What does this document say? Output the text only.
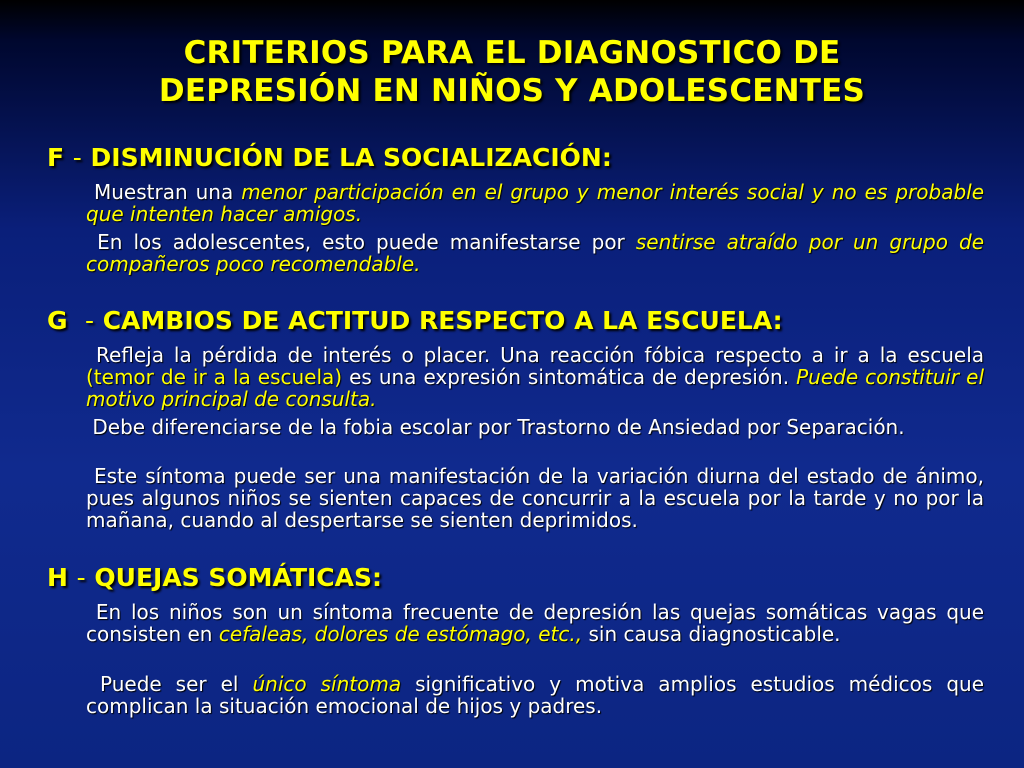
CRITERIOS PARA EL DIAGNOSTICO DE
DEPRESIÓN EN NIÑOS Y ADOLESCENTES
F - DISMINUCIÓN DE LA SOCIALIZACIÓN:
Muestran una menor participación en el grupo y menor interés social y no es probable que intenten hacer amigos.
En los adolescentes, esto puede manifestarse por sentirse atraído por un grupo de compañeros poco recomendable.
G - CAMBIOS DE ACTITUD RESPECTO A LA ESCUELA:
Refleja la pérdida de interés o placer. Una reacción fóbica respecto a ir a la escuela (temor de ir a la escuela) es una expresión sintomática de depresión. Puede constituir el motivo principal de consulta.
Debe diferenciarse de la fobia escolar por Trastorno de Ansiedad por Separación.
Este síntoma puede ser una manifestación de la variación diurna del estado de ánimo, pues algunos niños se sienten capaces de concurrir a la escuela por la tarde y no por la mañana, cuando al despertarse se sienten deprimidos.
H - QUEJAS SOMÁTICAS:
En los niños son un síntoma frecuente de depresión las quejas somáticas vagas que consisten en cefaleas, dolores de estómago, etc., sin causa diagnosticable.
Puede ser el único síntoma significativo y motiva amplios estudios médicos que complican la situación emocional de hijos y padres.
